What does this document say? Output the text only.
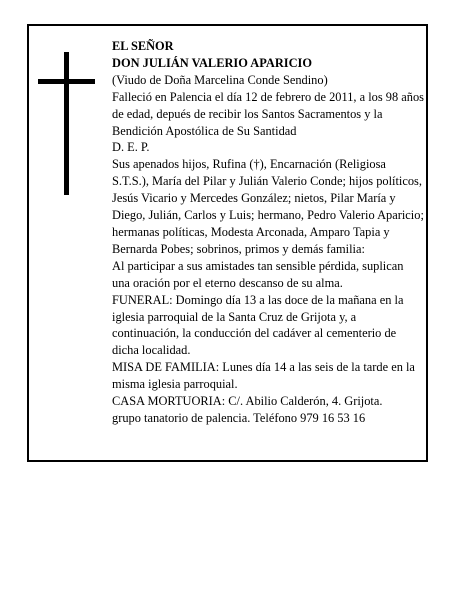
EL SEÑOR

DON JULIÁN VALERIO APARICIO

(Viudo de Doña Marcelina Conde Sendino)

Falleció en Palencia el día 12 de febrero de 2011, a los 98 años de edad, depués de recibir los Santos Sacramentos y la Bendición Apostólica de Su Santidad

D. E. P.

Sus apenados hijos, Rufina (†), Encarnación (Religiosa S.T.S.), María del Pilar y Julián Valerio Conde; hijos políticos, Jesús Vicario y Mercedes González; nietos, Pilar María y Diego, Julián, Carlos y Luis; hermano, Pedro Valerio Aparicio; hermanas políticas, Modesta Arconada, Amparo Tapia y Bernarda Pobes; sobrinos, primos y demás familia:

Al participar a sus amistades tan sensible pérdida, suplican una oración por el eterno descanso de su alma.

FUNERAL: Domingo día 13 a las doce de la mañana en la iglesia parroquial de la Santa Cruz de Grijota y, a continuación, la conducción del cadáver al cementerio de dicha localidad.

MISA DE FAMILIA: Lunes día 14 a las seis de la tarde en la misma iglesia parroquial.

CASA MORTUORIA: C/. Abilio Calderón, 4. Grijota.

grupo tanatorio de palencia. Teléfono 979 16 53 16
